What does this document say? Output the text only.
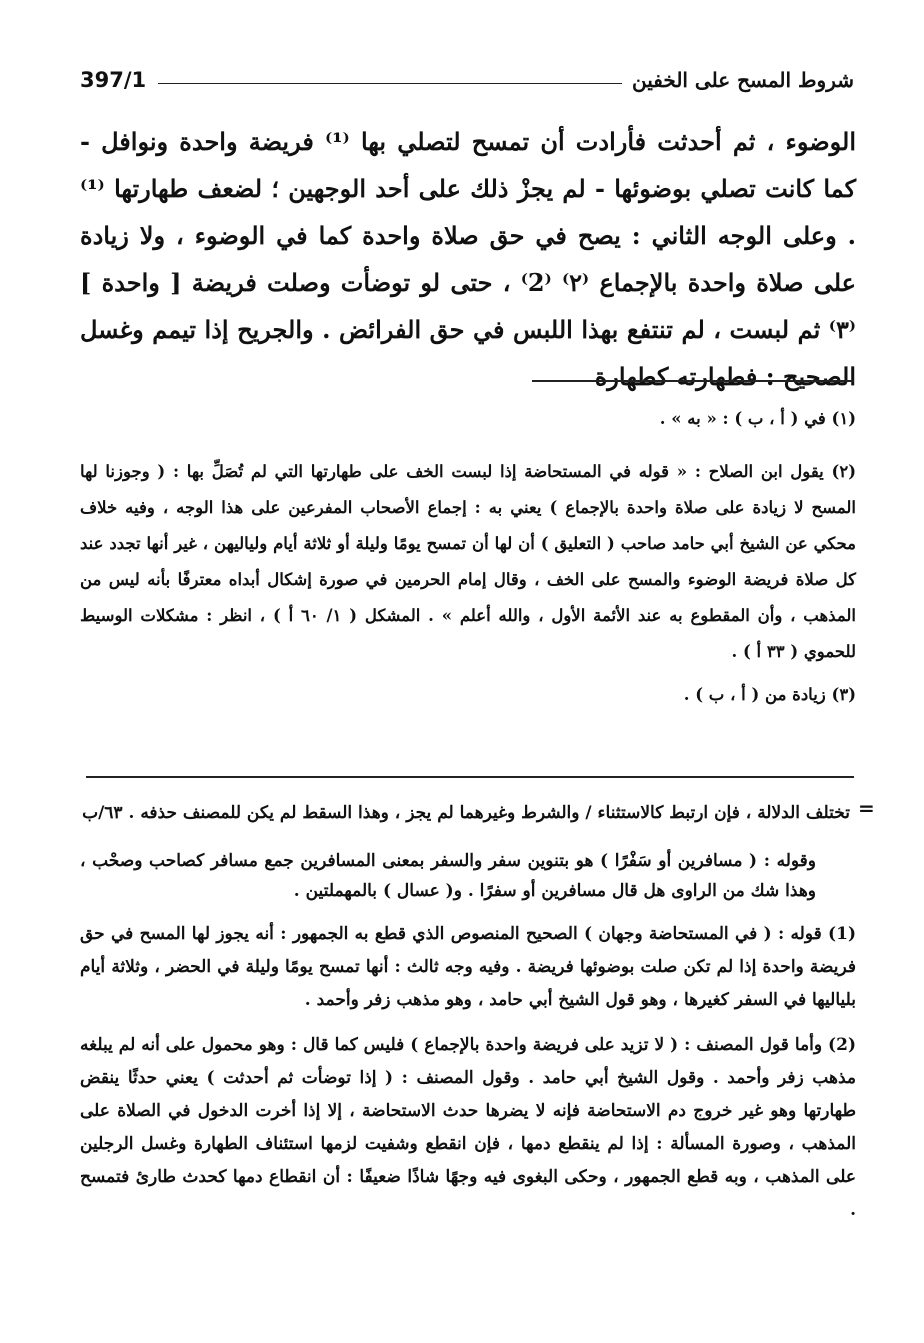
397/1	شروط المسح على الخفين
الوضوء ، ثم أحدثت فأرادت أن تمسح لتصلي بها ⁽¹⁾ فريضة واحدة ونوافل - كما كانت تصلي بوضوئها - لم يجزْ ذلك على أحد الوجهين ؛ لضعف طهارتها ⁽¹⁾ . وعلى الوجه الثاني : يصح في حق صلاة واحدة كما في الوضوء ، ولا زيادة على صلاة واحدة بالإجماع ⁽٢⁾ ⁽2⁾ ، حتى لو توضأت وصلت فريضة [ واحدة ] ⁽٣⁾ ثم لبست ، لم تنتفع بهذا اللبس في حق الفرائض . والجريح إذا تيمم وغسل الصحيح : فطهارته كطهارة
(١) في ( أ ، ب ) : « به » .
(٢) يقول ابن الصلاح : « قوله في المستحاضة إذا لبست الخف على طهارتها التي لم تُصَلِّ بها : ( وجوزنا لها المسح لا زيادة على صلاة واحدة بالإجماع ) يعني به : إجماع الأصحاب المفرعين على هذا الوجه ، وفيه خلاف محكي عن الشيخ أبي حامد صاحب ( التعليق ) أن لها أن تمسح يومًا وليلة أو ثلاثة أيام ولياليهن ، غير أنها تجدد عند كل صلاة فريضة الوضوء والمسح على الخف ، وقال إمام الحرمين في صورة إشكال أبداه معترفًا بأنه ليس من المذهب ، وأن المقطوع به عند الأئمة الأول ، والله أعلم » . المشكل ( ١/ ٦٠ أ ) ، انظر : مشكلات الوسيط للحموي ( ٣٣ أ ) .
(٣) زيادة من ( أ ، ب ) .
=
تختلف الدلالة ، فإن ارتبط كالاستثناء / والشرط وغيرهما لم يجز ، وهذا السقط لم يكن للمصنف حذفه . ٦٣/ب

وقوله : ( مسافرين أو سَفْرًا ) هو بتنوين سفر والسفر بمعنى المسافرين جمع مسافر كصاحب وصحْب ، وهذا شك من الراوى هل قال مسافرين أو سفرًا . و( عسال ) بالمهملتين .

(1) قوله : ( في المستحاضة وجهان ) الصحيح المنصوص الذي قطع به الجمهور : أنه يجوز لها المسح في حق فريضة واحدة إذا لم تكن صلت بوضوئها فريضة . وفيه وجه ثالث : أنها تمسح يومًا وليلة في الحضر ، وثلاثة أيام بلياليها في السفر كغيرها ، وهو قول الشيخ أبي حامد ، وهو مذهب زفر وأحمد .

(2) وأما قول المصنف : ( لا تزيد على فريضة واحدة بالإجماع ) فليس كما قال : وهو محمول على أنه لم يبلغه مذهب زفر وأحمد . وقول الشيخ أبي حامد . وقول المصنف : ( إذا توضأت ثم أحدثت ) يعني حدثًا ينقض طهارتها وهو غير خروج دم الاستحاضة فإنه لا يضرها حدث الاستحاضة ، إلا إذا أخرت الدخول في الصلاة على المذهب ، وصورة المسألة : إذا لم ينقطع دمها ، فإن انقطع وشفيت لزمها استئناف الطهارة وغسل الرجلين على المذهب ، وبه قطع الجمهور ، وحكى البغوى فيه وجهًا شاذًا ضعيفًا : أن انقطاع دمها كحدث طارئ فتمسح .
